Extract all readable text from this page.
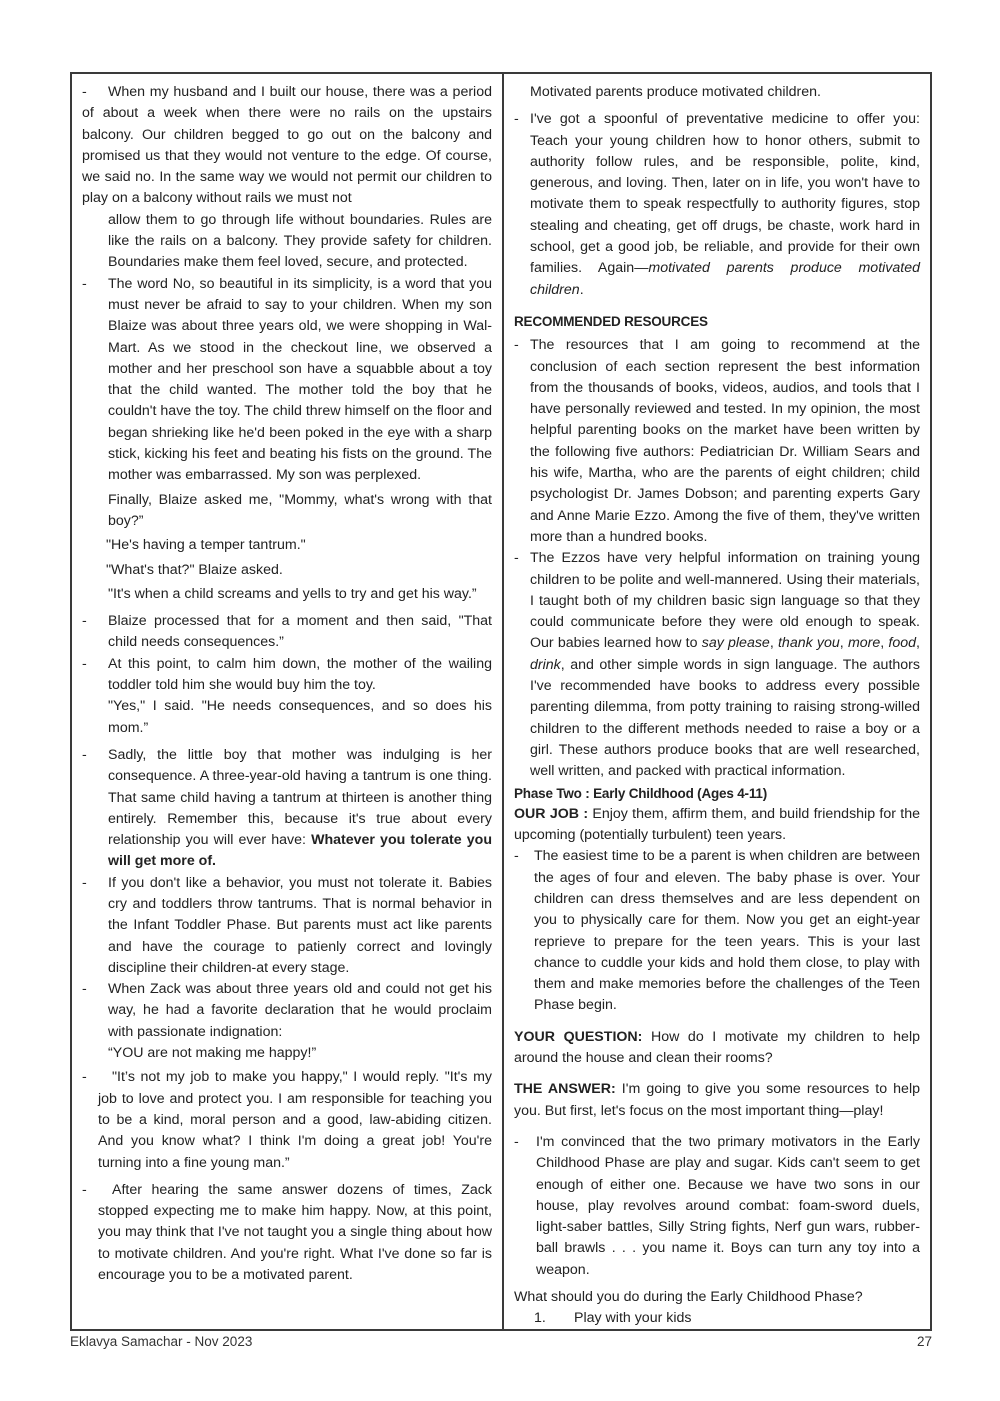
- When my husband and I built our house, there was a period of about a week when there were no rails on the upstairs balcony. Our children begged to go out on the balcony and promised us that they would not venture to the edge. Of course, we said no. In the same way we would not permit our children to play on a balcony without rails we must not

allow them to go through life without boundaries. Rules are like the rails on a balcony. They provide safety for children. Boundaries make them feel loved, secure, and protected.

- The word No, so beautiful in its simplicity, is a word that you must never be afraid to say to your children. When my son Blaize was about three years old, we were shopping in Wal-Mart. As we stood in the checkout line, we observed a mother and her preschool son have a squabble about a toy that the child wanted. The mother told the boy that he couldn't have the toy. The child threw himself on the floor and began shrieking like he'd been poked in the eye with a sharp stick, kicking his feet and beating his fists on the ground. The mother was embarrassed. My son was perplexed.

Finally, Blaize asked me, "Mommy, what's wrong with that boy?”

"He's having a temper tantrum."

"What's that?" Blaize asked.

"It's when a child screams and yells to try and get his way.”

- Blaize processed that for a moment and then said, "That child needs consequences.”

- At this point, to calm him down, the mother of the wailing toddler told him she would buy him the toy.

"Yes," I said. "He needs consequences, and so does his mom.”

- Sadly, the little boy that mother was indulging is her consequence. A three-year-old having a tantrum is one thing. That same child having a tantrum at thirteen is another thing entirely. Remember this, because it's true about every relationship you will ever have: Whatever you tolerate you will get more of.

- If you don't like a behavior, you must not tolerate it. Babies cry and toddlers throw tantrums. That is normal behavior in the Infant Toddler Phase. But parents must act like parents and have the courage to patienly correct and lovingly discipline their children-at every stage.

- When Zack was about three years old and could not get his way, he had a favorite declaration that he would proclaim with passionate indignation:

“YOU are not making me happy!”

- "It’s not my job to make you happy," I would reply. "It's my job to love and protect you. I am responsible for teaching you to be a kind, moral person and a good, law-abiding citizen. And you know what? I think I'm doing a great job! You're turning into a fine young man.”

- After hearing the same answer dozens of times, Zack stopped expecting me to make him happy. Now, at this point, you may think that I've not taught you a single thing about how to motivate children. And you're right. What I've done so far is encourage you to be a motivated parent.

Motivated parents produce motivated children.

- I've got a spoonful of preventative medicine to offer you: Teach your young children how to honor others, submit to authority follow rules, and be responsible, polite, kind, generous, and loving. Then, later on in life, you won't have to motivate them to speak respectfully to authority figures, stop stealing and cheating, get off drugs, be chaste, work hard in school, get a good job, be reliable, and provide for their own families. Again—motivated parents produce motivated children.

RECOMMENDED RESOURCES

- The resources that I am going to recommend at the conclusion of each section represent the best information from the thousands of books, videos, audios, and tools that I have personally reviewed and tested. In my opinion, the most helpful parenting books on the market have been written by the following five authors: Pediatrician Dr. William Sears and his wife, Martha, who are the parents of eight children; child psychologist Dr. James Dobson; and parenting experts Gary and Anne Marie Ezzo. Among the five of them, they've written more than a hundred books.

- The Ezzos have very helpful information on training young children to be polite and well-mannered. Using their materials, I taught both of my children basic sign language so that they could communicate before they were old enough to speak. Our babies learned how to say please, thank you, more, food, drink, and other simple words in sign language. The authors I've recommended have books to address every possible parenting dilemma, from potty training to raising strong-willed children to the different methods needed to raise a boy or a girl. These authors produce books that are well researched, well written, and packed with practical information.

Phase Two : Early Childhood (Ages 4-11)

OUR JOB : Enjoy them, affirm them, and build friendship for the upcoming (potentially turbulent) teen years.

- The easiest time to be a parent is when children are between the ages of four and eleven. The baby phase is over. Your children can dress themselves and are less dependent on you to physically care for them. Now you get an eight-year reprieve to prepare for the teen years. This is your last chance to cuddle your kids and hold them close, to play with them and make memories before the challenges of the Teen Phase begin.

YOUR QUESTION: How do I motivate my children to help around the house and clean their rooms?

THE ANSWER: I'm going to give you some resources to help you. But first, let's focus on the most important thing—play!

- I'm convinced that the two primary motivators in the Early Childhood Phase are play and sugar. Kids can't seem to get enough of either one. Because we have two sons in our house, play revolves around combat: foam-sword duels, light-saber battles, Silly String fights, Nerf gun wars, rubber-ball brawls . . . you name it. Boys can turn any toy into a weapon.

What should you do during the Early Childhood Phase?

1. Play with your kids

Eklavya Samachar - Nov 2023	27
